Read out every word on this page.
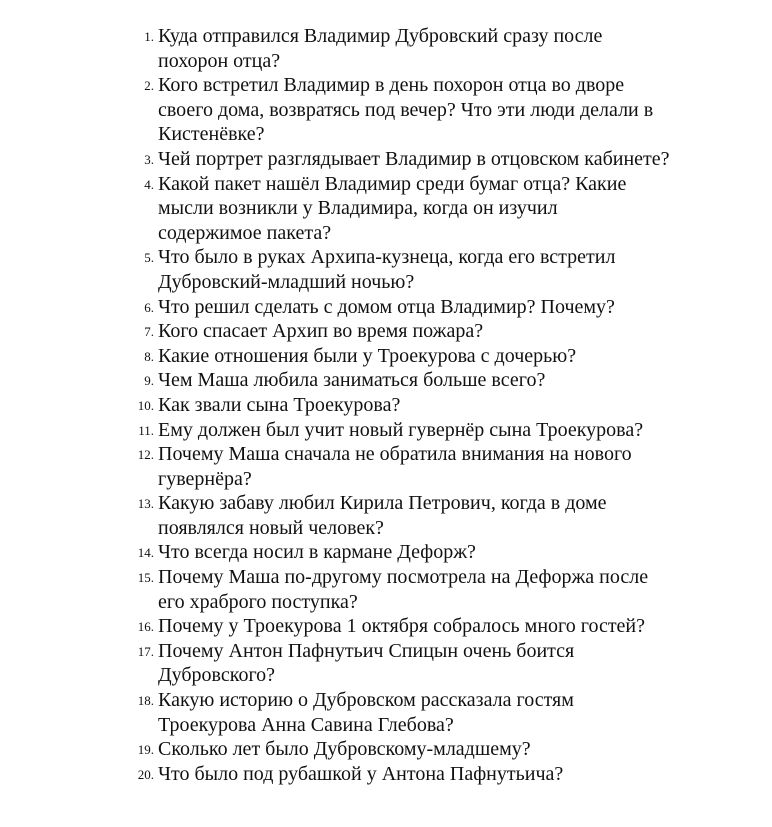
1 . Куда отправился Владимир Дубровский сразу после
похорон отца?
2 . Кого встретил Владимир в день похорон отца во дворе
своего дома, возвратясь под вечер? Что эти люди делали в
Кистенёвке?
3 . Чей портрет разглядывает Владимир в отцовском кабинете?
4 . Какой пакет нашёл Владимир среди бумаг отца? Какие
мысли возникли у Владимира, когда он изучил
содержимое пакета?
5 . Что было в руках Архипа-кузнеца, когда его встретил
Дубровский-младший ночью?
6 . Что решил сделать с домом отца Владимир? Почему?
7 . Кого спасает Архип во время пожара?
8 . Какие отношения были у Троекурова с дочерью?
9 . Чем Маша любила заниматься больше всего?
10 . Как звали сына Троекурова?
11 . Ему должен был учит новый гувернёр сына Троекурова?
12 . Почему Маша сначала не обратила внимания на нового
гувернёра?
13 . Какую забаву любил Кирила Петрович, когда в доме
появлялся новый человек?
14 . Что всегда носил в кармане Дефорж?
15 . Почему Маша по-другому посмотрела на Дефоржа после
его храброго поступка?
16 . Почему у Троекурова 1 октября собралось много гостей?
17 . Почему Антон Пафнутьич Спицын очень боится
Дубровского?
18 . Какую историю о Дубровском рассказала гостям
Троекурова Анна Савина Глебова?
19 . Сколько лет было Дубровскому-младшему?
20 . Что было под рубашкой у Антона Пафнутьича?
